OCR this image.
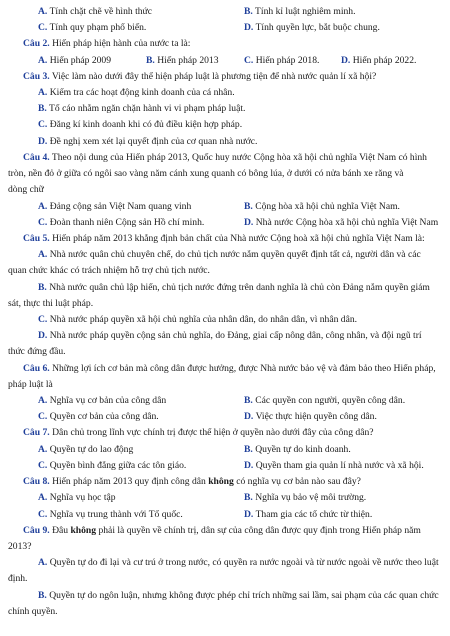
A. Tính chặt chẽ về hình thức	B. Tính kỉ luật nghiêm minh.
C. Tính quy phạm phổ biến.	D. Tính quyền lực, bắt buộc chung.
Câu 2. Hiến pháp hiện hành của nước ta là:
A. Hiến pháp 2009	B. Hiến pháp 2013	C. Hiến pháp 2018. D. Hiến pháp 2022.
Câu 3. Việc làm nào dưới đây thể hiện pháp luật là phương tiện để nhà nước quản lí xã hội?
A. Kiểm tra các hoạt động kinh doanh của cá nhân.
B. Tố cáo nhằm ngăn chặn hành vi vi phạm pháp luật.
C. Đăng kí kinh doanh khi có đủ điều kiện hợp pháp.
D. Đề nghị xem xét lại quyết định của cơ quan nhà nước.
Câu 4. Theo nội dung của Hiến pháp 2013, Quốc huy nước Cộng hòa xã hội chủ nghĩa Việt Nam có hình
tròn, nền đỏ ở giữa có ngôi sao vàng năm cánh xung quanh có bông lúa, ở dưới có nửa bánh xe răng và
dòng chữ
A. Đảng cộng sản Việt Nam quang vinh	B. Cộng hòa xã hội chủ nghĩa Việt Nam.
C. Đoàn thanh niên Cộng sản Hồ chí minh.	D. Nhà nước Cộng hòa xã hội chủ nghĩa Việt Nam
Câu 5. Hiến pháp năm 2013 khẳng định bản chất của Nhà nước Cộng hoà xã hội chủ nghĩa Việt Nam là:
A. Nhà nước quân chủ chuyên chế, do chủ tịch nước nắm quyền quyết định tất cả, người dân và các
quan chức khác có trách nhiệm hỗ trợ chủ tịch nước.
B. Nhà nước quân chủ lập hiến, chủ tịch nước đứng trên danh nghĩa là chủ còn Đảng nắm quyền giám
sát, thực thi luật pháp.
C. Nhà nước pháp quyền xã hội chủ nghĩa của nhân dân, do nhân dân, vì nhân dân.
D. Nhà nước pháp quyền cộng sản chủ nghĩa, do Đảng, giai cấp nông dân, công nhân, và đội ngũ trí
thức đứng đầu.
Câu 6. Những lợi ích cơ bản mà công dân được hưởng, được Nhà nước bảo vệ và đảm bảo theo Hiến pháp,
pháp luật là
A. Nghĩa vụ cơ bản của công dân	B. Các quyền con người, quyền công dân.
C. Quyền cơ bản của công dân.	D. Việc thực hiện quyền công dân.
Câu 7. Dân chủ trong lĩnh vực chính trị được thể hiện ở quyền nào dưới đây của công dân?
A. Quyền tự do lao động	B. Quyền tự do kinh doanh.
C. Quyền bình đẳng giữa các tôn giáo.	D. Quyền tham gia quản lí nhà nước và xã hội.
Câu 8. Hiến pháp năm 2013 quy định công dân không có nghĩa vụ cơ bản nào sau đây?
A. Nghĩa vụ học tập	B. Nghĩa vụ bảo vệ môi trường.
C. Nghĩa vụ trung thành với Tổ quốc.	D. Tham gia các tổ chức từ thiện.
Câu 9. Đâu không phải là quyền về chính trị, dân sự của công dân được quy định trong Hiến pháp năm
2013?
A. Quyền tự do đi lại và cư trú ở trong nước, có quyền ra nước ngoài và từ nước ngoài về nước theo luật
định.
B. Quyền tự do ngôn luận, nhưng không được phép chỉ trích những sai lầm, sai phạm của các quan chức
chính quyền.
